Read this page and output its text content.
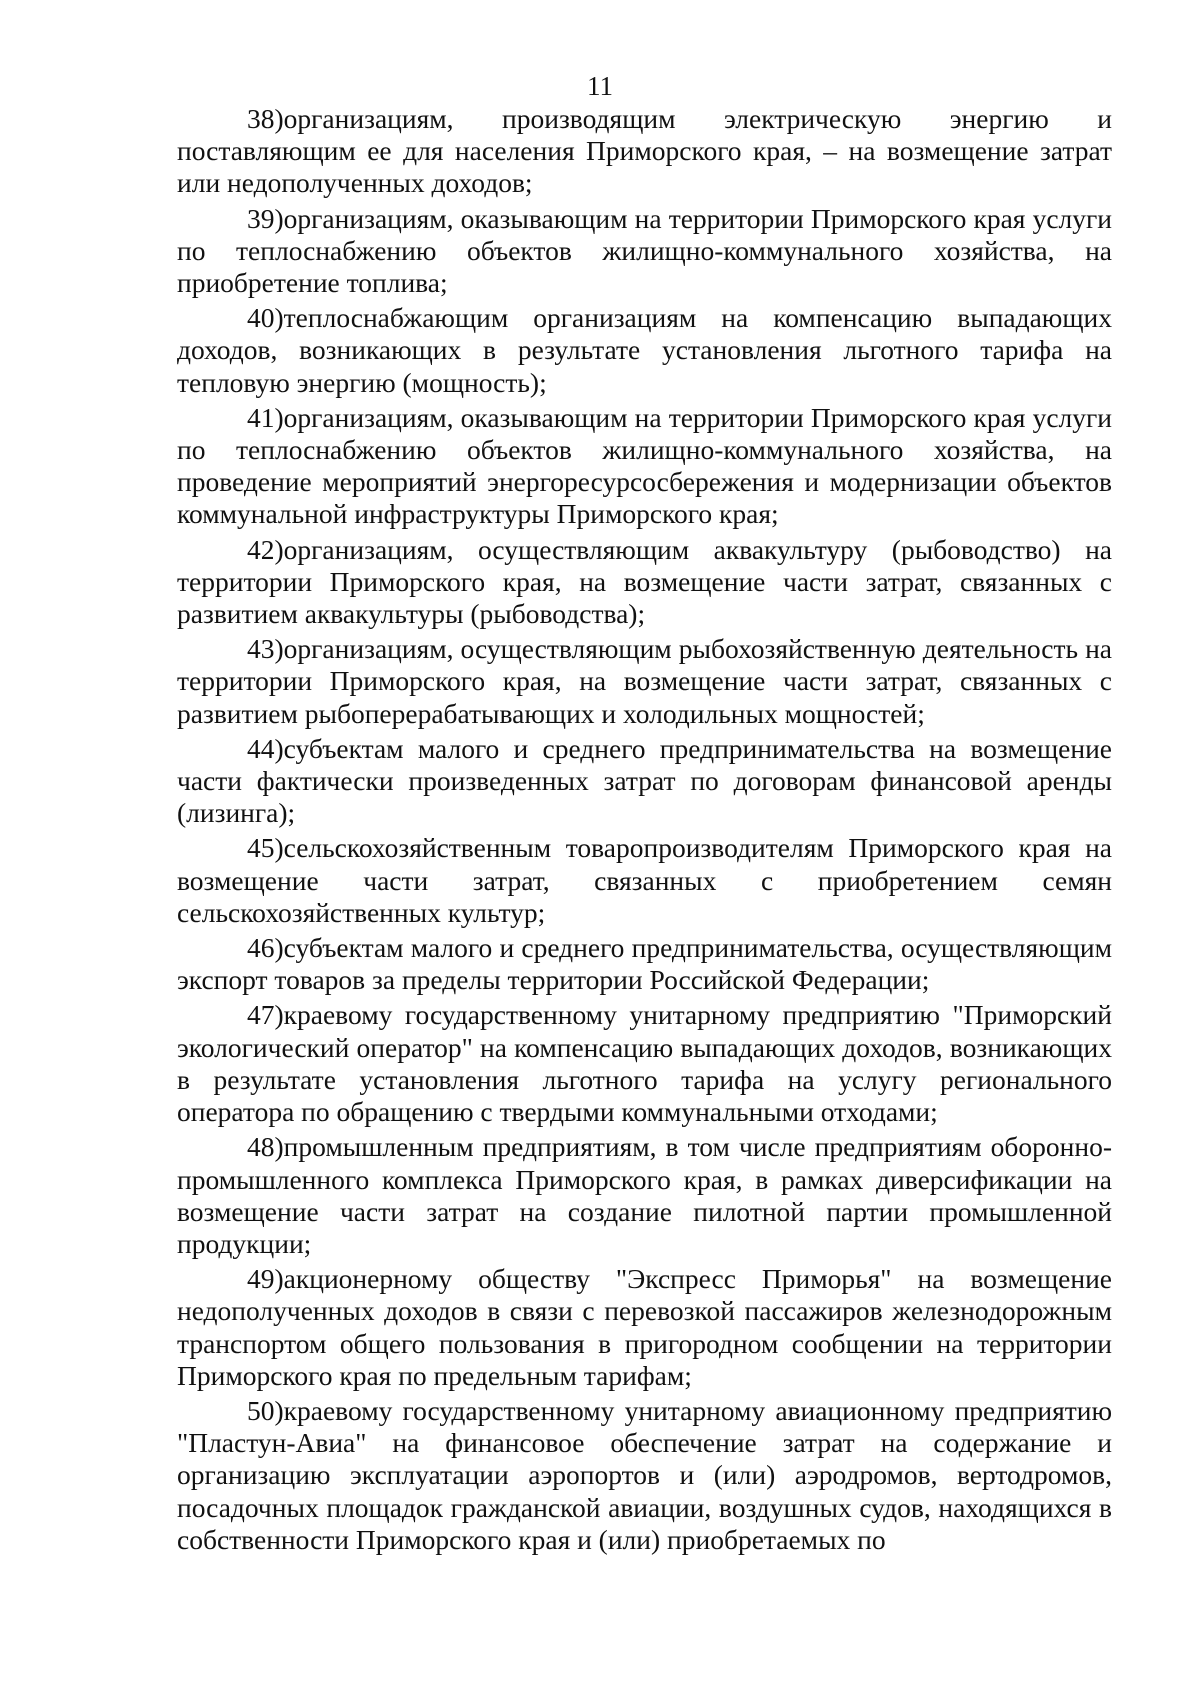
11

38)организациям, производящим электрическую энергию и поставляющим ее для населения Приморского края, – на возмещение затрат или недополученных доходов;

39)организациям, оказывающим на территории Приморского края услуги по теплоснабжению объектов жилищно-коммунального хозяйства, на приобретение топлива;

40)теплоснабжающим организациям на компенсацию выпадающих доходов, возникающих в результате установления льготного тарифа на тепловую энергию (мощность);

41)организациям, оказывающим на территории Приморского края услуги по теплоснабжению объектов жилищно-коммунального хозяйства, на проведение мероприятий энергоресурсосбережения и модернизации объектов коммунальной инфраструктуры Приморского края;

42)организациям, осуществляющим аквакультуру (рыбоводство) на территории Приморского края, на возмещение части затрат, связанных с развитием аквакультуры (рыбоводства);

43)организациям, осуществляющим рыбохозяйственную деятельность на территории Приморского края, на возмещение части затрат, связанных с развитием рыбоперерабатывающих и холодильных мощностей;

44)субъектам малого и среднего предпринимательства на возмещение части фактически произведенных затрат по договорам финансовой аренды (лизинга);

45)сельскохозяйственным товаропроизводителям Приморского края на возмещение части затрат, связанных с приобретением семян сельскохозяйственных культур;

46)субъектам малого и среднего предпринимательства, осуществляющим экспорт товаров за пределы территории Российской Федерации;

47)краевому государственному унитарному предприятию "Приморский экологический оператор" на компенсацию выпадающих доходов, возникающих в результате установления льготного тарифа на услугу регионального оператора по обращению с твердыми коммунальными отходами;

48)промышленным предприятиям, в том числе предприятиям оборонно-промышленного комплекса Приморского края, в рамках диверсификации на возмещение части затрат на создание пилотной партии промышленной продукции;

49)акционерному обществу "Экспресс Приморья" на возмещение недополученных доходов в связи с перевозкой пассажиров железнодорожным транспортом общего пользования в пригородном сообщении на территории Приморского края по предельным тарифам;

50)краевому государственному унитарному авиационному предприятию "Пластун-Авиа" на финансовое обеспечение затрат на содержание и организацию эксплуатации аэропортов и (или) аэродромов, вертодромов, посадочных площадок гражданской авиации, воздушных судов, находящихся в собственности Приморского края и (или) приобретаемых по
